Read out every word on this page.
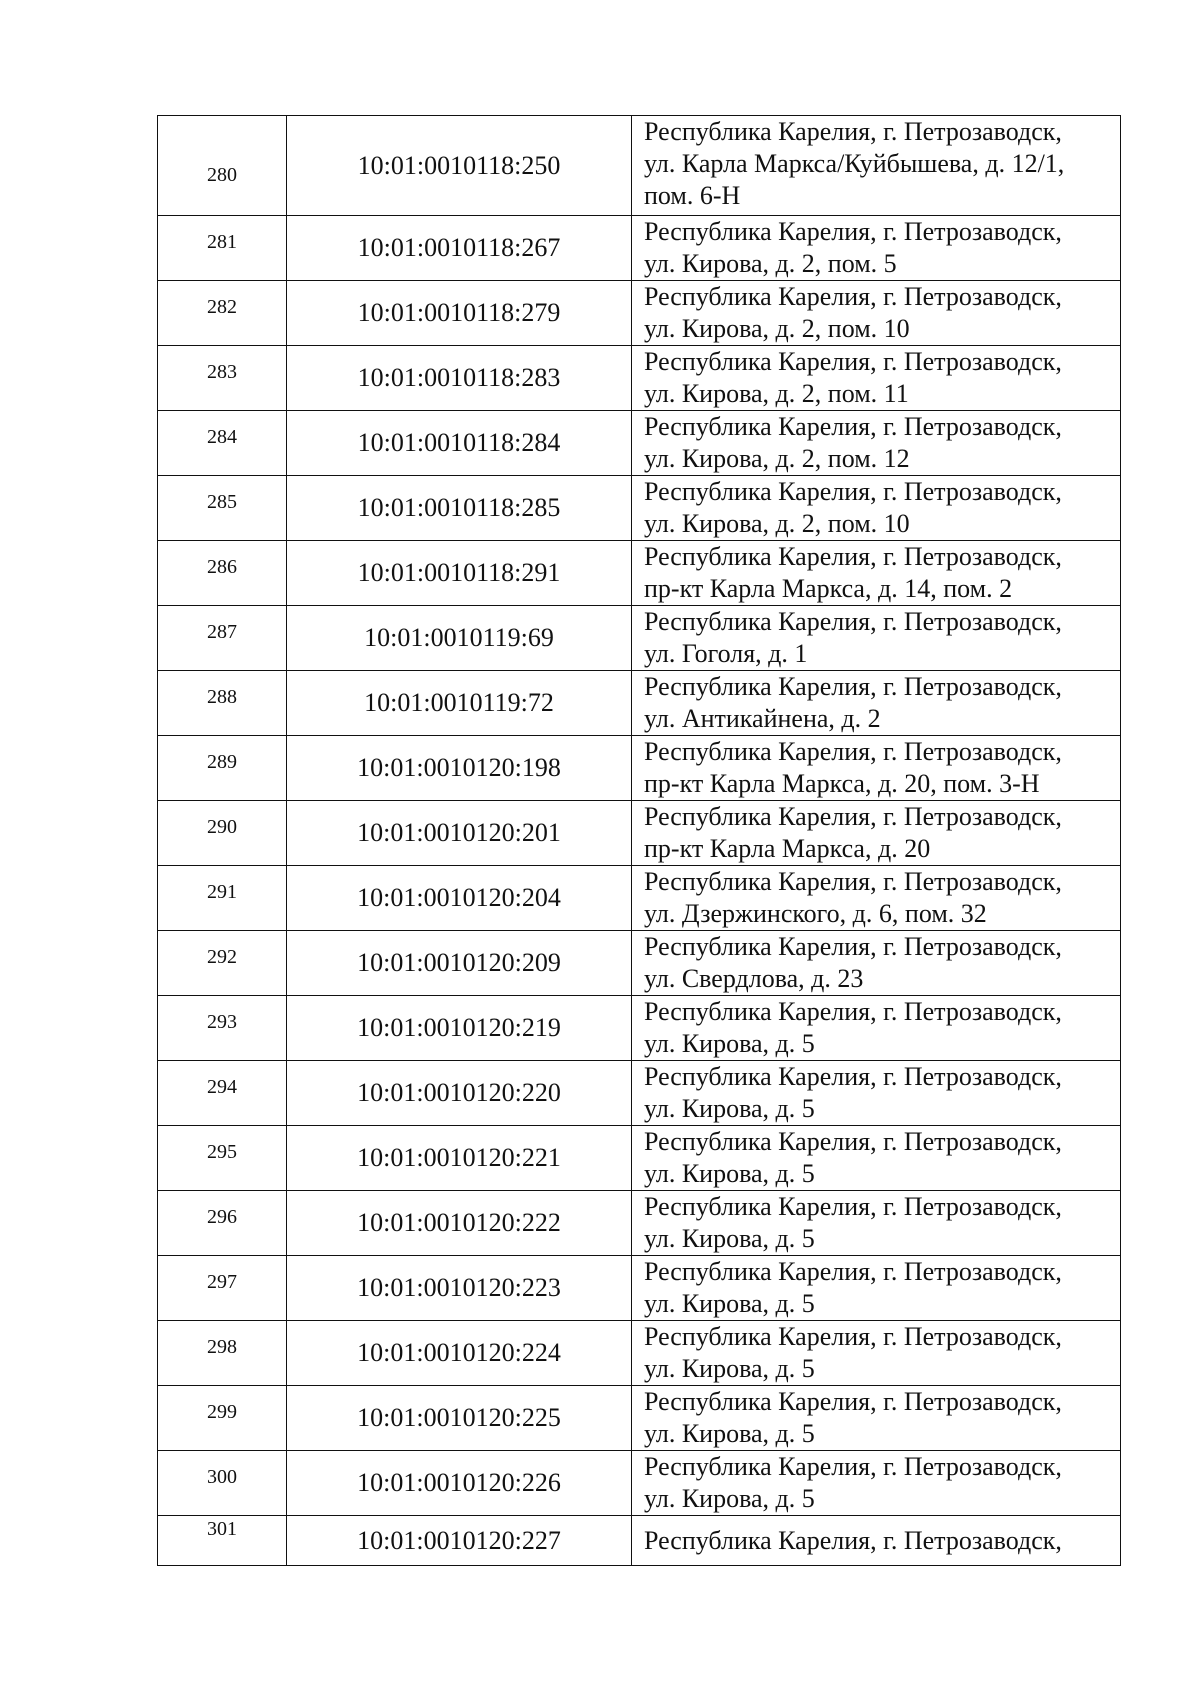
280	10:01:0010118:250	Республика Карелия, г. Петрозаводск,
ул. Карла Маркса/Куйбышева, д. 12/1,
пом. 6-Н

281	10:01:0010118:267	Республика Карелия, г. Петрозаводск,
ул. Кирова, д. 2, пом. 5

282	10:01:0010118:279	Республика Карелия, г. Петрозаводск,
ул. Кирова, д. 2, пом. 10

283	10:01:0010118:283	Республика Карелия, г. Петрозаводск,
ул. Кирова, д. 2, пом. 11

284	10:01:0010118:284	Республика Карелия, г. Петрозаводск,
ул. Кирова, д. 2, пом. 12

285	10:01:0010118:285	Республика Карелия, г. Петрозаводск,
ул. Кирова, д. 2, пом. 10

286	10:01:0010118:291	Республика Карелия, г. Петрозаводск,
пр-кт Карла Маркса, д. 14, пом. 2

287	10:01:0010119:69	Республика Карелия, г. Петрозаводск,
ул. Гоголя, д. 1

288	10:01:0010119:72	Республика Карелия, г. Петрозаводск,
ул. Антикайнена, д. 2

289	10:01:0010120:198	Республика Карелия, г. Петрозаводск,
пр-кт Карла Маркса, д. 20, пом. 3-Н

290	10:01:0010120:201	Республика Карелия, г. Петрозаводск,
пр-кт Карла Маркса, д. 20

291	10:01:0010120:204	Республика Карелия, г. Петрозаводск,
ул. Дзержинского, д. 6, пом. 32

292	10:01:0010120:209	Республика Карелия, г. Петрозаводск,
ул. Свердлова, д. 23

293	10:01:0010120:219	Республика Карелия, г. Петрозаводск,
ул. Кирова, д. 5

294	10:01:0010120:220	Республика Карелия, г. Петрозаводск,
ул. Кирова, д. 5

295	10:01:0010120:221	Республика Карелия, г. Петрозаводск,
ул. Кирова, д. 5

296	10:01:0010120:222	Республика Карелия, г. Петрозаводск,
ул. Кирова, д. 5

297	10:01:0010120:223	Республика Карелия, г. Петрозаводск,
ул. Кирова, д. 5

298	10:01:0010120:224	Республика Карелия, г. Петрозаводск,
ул. Кирова, д. 5

299	10:01:0010120:225	Республика Карелия, г. Петрозаводск,
ул. Кирова, д. 5

300	10:01:0010120:226	Республика Карелия, г. Петрозаводск,
ул. Кирова, д. 5

301	10:01:0010120:227	Республика Карелия, г. Петрозаводск,
